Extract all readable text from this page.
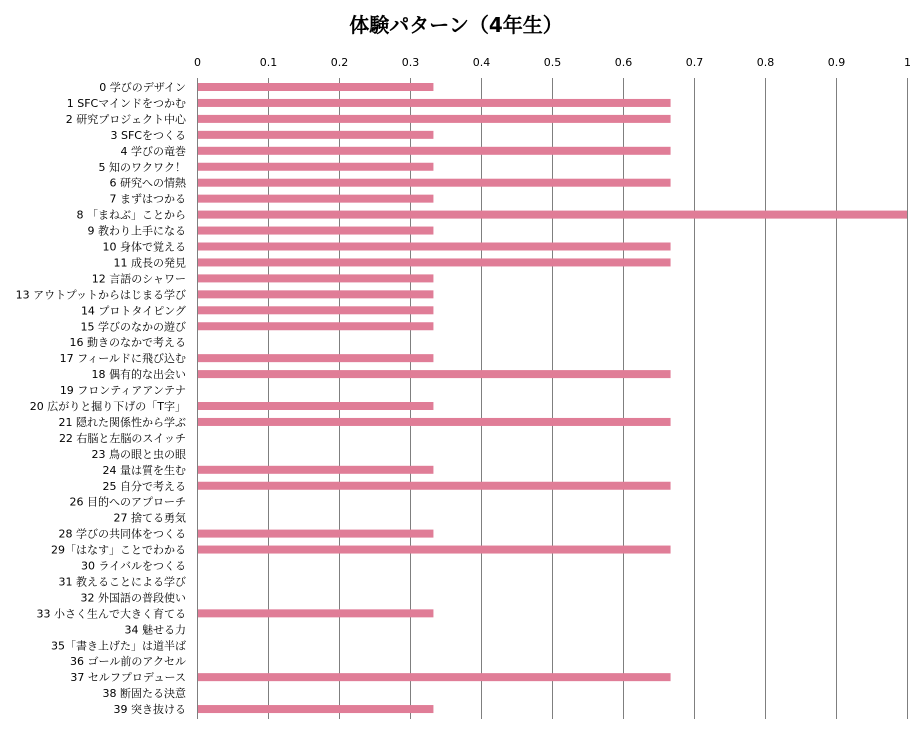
体験パターン（4年生）
0	0.1	0.2	0.3	0.4	0.5	0.6	0.7	0.8	0.9	1
0 学びのデザイン
1 SFCマインドをつかむ
2 研究プロジェクト中心
3 SFCをつくる
4 学びの竜巻
5 知のワクワク！
6 研究への情熱
7 まずはつかる
8 「まねぶ」ことから
9 教わり上手になる
10 身体で覚える
11 成長の発見
12 言語のシャワー
13 アウトプットからはじまる学び
14 プロトタイピング
15 学びのなかの遊び
16 動きのなかで考える
17 フィールドに飛び込む
18 偶有的な出会い
19 フロンティアアンテナ
20 広がりと掘り下げの「T字」
21 隠れた関係性から学ぶ
22 右脳と左脳のスイッチ
23 鳥の眼と虫の眼
24 量は質を生む
25 自分で考える
26 目的へのアプローチ
27 捨てる勇気
28 学びの共同体をつくる
29「はなす」ことでわかる
30 ライバルをつくる
31 教えることによる学び
32 外国語の普段使い
33 小さく生んで大きく育てる
34 魅せる力
35「書き上げた」は道半ば
36 ゴール前のアクセル
37 セルフプロデュース
38 断固たる決意
39 突き抜ける
